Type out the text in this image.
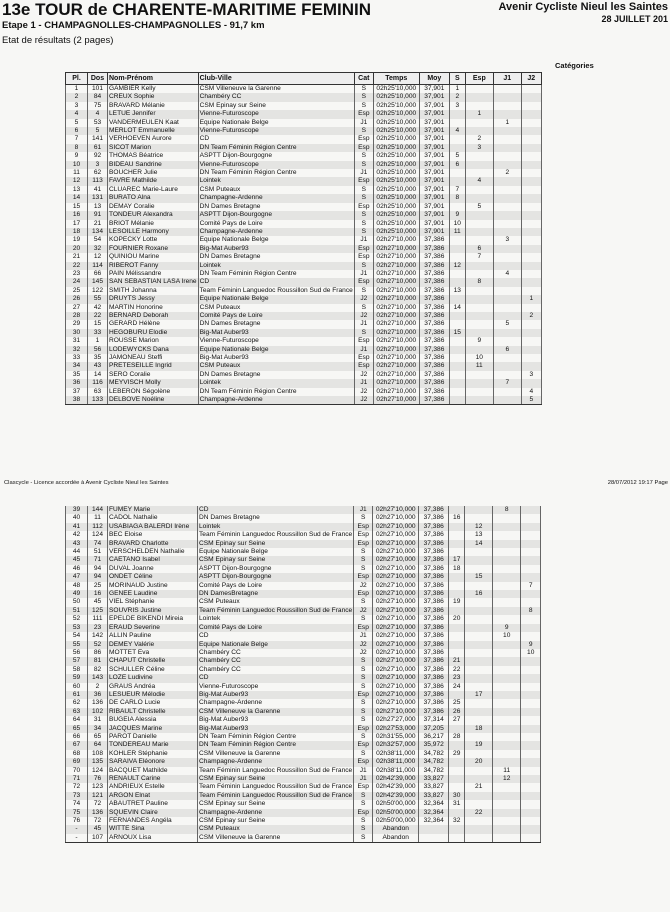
13e TOUR de CHARENTE-MARITIME FEMININ
Etape 1 - CHAMPAGNOLLES-CHAMPAGNOLLES - 91,7 km
Etat de résultats (2 pages)
Avenir Cycliste Nieul les Saintes
28 JUILLET 201
Catégories
Pl.	Dos	Nom-Prénom	Club-Ville	Cat	Temps	Moy	S	Esp	J1	J2
1	101	GAMBIER Kelly	CSM Villeneuve la Garenne	S	02h25'10,000	37,901	1			
2	84	CREUX Sophie	Chambéry CC	S	02h25'10,000	37,901	2			
3	75	BRAVARD Mélanie	CSM Epinay sur Seine	S	02h25'10,000	37,901	3			
4	4	LETUE Jennifer	Vienne-Futuroscope	Esp	02h25'10,000	37,901		1		
5	53	VANDERMEULEN Kaat	Equipe Nationale Belge	J1	02h25'10,000	37,901			1	
6	5	MERLOT Emmanuelle	Vienne-Futuroscope	S	02h25'10,000	37,901	4			
7	141	VERHOEVEN Aurore	CD	Esp	02h25'10,000	37,901		2		
8	61	SICOT Marion	DN Team Féminin Région Centre	Esp	02h25'10,000	37,901		3		
9	92	THOMAS Béatrice	ASPTT Dijon-Bourgogne	S	02h25'10,000	37,901	5			
10	3	BIDEAU Sandrine	Vienne-Futuroscope	S	02h25'10,000	37,901	6			
11	62	BOUCHER Julie	DN Team Féminin Région Centre	J1	02h25'10,000	37,901			2	
12	113	FAVRE Mathilde	Lointek	Esp	02h25'10,000	37,901		4		
13	41	CLUAREC Marie-Laure	CSM Puteaux	S	02h25'10,000	37,901	7			
14	131	BURATO Alna	Champagne-Ardenne	S	02h25'10,000	37,901	8			
15	13	DEMAY Coralie	DN Dames Bretagne	Esp	02h25'10,000	37,901		5		
16	91	TONDEUR Alexandra	ASPTT Dijon-Bourgogne	S	02h25'10,000	37,901	9			
17	21	BRIOT Mélanie	Comité Pays de Loire	S	02h25'10,000	37,901	10			
18	134	LESOILLE Harmony	Champagne-Ardenne	S	02h25'10,000	37,901	11			
19	54	KOPECKY Lotte	Equipe Nationale Belge	J1	02h27'10,000	37,386			3	
20	32	FOURNIER Roxane	Big-Mat Auber93	Esp	02h27'10,000	37,386		6		
21	12	QUINIOU Marine	DN Dames Bretagne	Esp	02h27'10,000	37,386		7		
22	114	RIBEROT Fanny	Lointek	S	02h27'10,000	37,386	12			
23	66	PAIN Mélissandre	DN Team Féminin Région Centre	J1	02h27'10,000	37,386			4	
24	145	SAN SEBASTIAN LASA Irene	CD	Esp	02h27'10,000	37,386		8		
25	122	SMITH Johanna	Team Féminin Languedoc Roussillon Sud de France	S	02h27'10,000	37,386	13			
26	55	DRUYTS Jessy	Equipe Nationale Belge	J2	02h27'10,000	37,386				1
27	42	MARTIN Honorine	CSM Puteaux	S	02h27'10,000	37,386	14			
28	22	BERNARD Deborah	Comité Pays de Loire	J2	02h27'10,000	37,386				2
29	15	GERARD Hélène	DN Dames Bretagne	J1	02h27'10,000	37,386			5	
30	33	HEGOBURU Elodie	Big-Mat Auber93	S	02h27'10,000	37,386	15			
31	1	ROUSSE Marion	Vienne-Futuroscope	Esp	02h27'10,000	37,386		9		
32	56	LODEWYCKS Dana	Equipe Nationale Belge	J1	02h27'10,000	37,386			6	
33	35	JAMONEAU Steffi	Big-Mat Auber93	Esp	02h27'10,000	37,386		10		
34	43	PRETESEILLE Ingrid	CSM Puteaux	Esp	02h27'10,000	37,386		11		
35	14	SERO Coralie	DN Dames Bretagne	J2	02h27'10,000	37,386				3
36	116	MEYVISCH Molly	Lointek	J1	02h27'10,000	37,386			7	
37	63	LEBERON Ségolène	DN Team Féminin Région Centre	J2	02h27'10,000	37,386				4
38	133	DELBOVE Noéline	Champagne-Ardenne	J2	02h27'10,000	37,386				5
Clascycle - Licence accordée à Avenir Cycliste Nieul les Saintes	28/07/2012 19:17 Page
39	144	FUMEY Marie	CD	J1	02h27'10,000	37,386			8	
40	11	CADOL Nathalie	DN Dames Bretagne	S	02h27'10,000	37,386	16			
41	112	USABIAGA BALERDI Irène	Lointek	Esp	02h27'10,000	37,386		12		
42	124	BEC Eloise	Team Féminin Languedoc Roussillon Sud de France	Esp	02h27'10,000	37,386		13		
43	74	BRAVARD Charlotte	CSM Epinay sur Seine	Esp	02h27'10,000	37,386		14		
44	51	VERSCHELDEN Nathalie	Equipe Nationale Belge	S	02h27'10,000	37,386				
45	71	CAETANO Isabel	CSM Epinay sur Seine	S	02h27'10,000	37,386	17			
46	94	DUVAL Joanne	ASPTT Dijon-Bourgogne	S	02h27'10,000	37,386	18			
47	94	ONDET Céline	ASPTT Dijon-Bourgogne	Esp	02h27'10,000	37,386		15		
48	25	MORINAUD Justine	Comité Pays de Loire	J2	02h27'10,000	37,386				7
49	16	GENEE Laudine	DN DamesBretagne	Esp	02h27'10,000	37,386		16		
50	45	VIEL Stéphanie	CSM Puteaux	S	02h27'10,000	37,386	19			
51	125	SOUVRIS Justine	Team Féminin Languedoc Roussillon Sud de France	J2	02h27'10,000	37,386				8
52	111	EPELDE BIKENDI Mireia	Lointek	S	02h27'10,000	37,386	20			
53	23	ERAUD Severine	Comité Pays de Loire	Esp	02h27'10,000	37,386			9	
54	142	ALLIN Pauline	CD	J1	02h27'10,000	37,386			10	
55	52	DEMEY Valérie	Equipe Nationale Belge	J2	02h27'10,000	37,386				9
56	86	MOTTET Eva	Chambéry CC	J2	02h27'10,000	37,386				10
57	81	CHAPUT Christelle	Chambéry CC	S	02h27'10,000	37,386	21			
58	82	SCHULLER Céline	Chambéry CC	S	02h27'10,000	37,386	22			
59	143	LOZE Ludivine	CD	S	02h27'10,000	37,386	23			
60	2	GRAUS Andréa	Vienne-Futuroscope	S	02h27'10,000	37,386	24			
61	36	LESUEUR Mélodie	Big-Mat Auber93	Esp	02h27'10,000	37,386		17		
62	136	DE CARLO Lucie	Champagne-Ardenne	S	02h27'10,000	37,386	25			
63	102	RIBAULT Christelle	CSM Villeneuve la Garenne	S	02h27'10,000	37,386	26			
64	31	BUGEIA Alessia	Big-Mat Auber93	S	02h27'27,000	37,314	27			
65	34	JACQUES Marine	Big-Mat Auber93	Esp	02h27'53,000	37,205		18		
66	65	PAROT Danielle	DN Team Féminin Région Centre	S	02h31'55,000	36,217	28			
67	64	TONDEREAU Marie	DN Team Féminin Région Centre	Esp	02h32'57,000	35,972		19		
68	108	KOHLER Stéphanie	CSM Villeneuve la Garenne	S	02h38'11,000	34,782	29			
69	135	SARAIVA Eléonore	Champagne-Ardenne	Esp	02h38'11,000	34,782		20		
70	124	BACQUET Mathilde	Team Féminin Languedoc Roussillon Sud de France	J1	02h38'11,000	34,782			11	
71	76	RENAULT Carine	CSM Epinay sur Seine	J1	02h42'39,000	33,827			12	
72	123	ANDRIEUX Estelle	Team Féminin Languedoc Roussillon Sud de France	Esp	02h42'39,000	33,827		21		
73	121	ARGON Elnat	Team Féminin Languedoc Roussillon Sud de France	S	02h42'39,000	33,827	30			
74	72	ABAUTRET Pauline	CSM Epinay sur Seine	S	02h50'00,000	32,364	31			
75	136	SQUEVIN Claire	Champagne-Ardenne	Esp	02h50'00,000	32,364		22		
76	72	FERNANDES Angéla	CSM Epinay sur Seine	S	02h50'00,000	32,364	32			
-	45	WITTE Sina	CSM Puteaux	S	Abandon					
-	107	ARNOUX Lisa	CSM Villeneuve la Garenne	S	Abandon					
